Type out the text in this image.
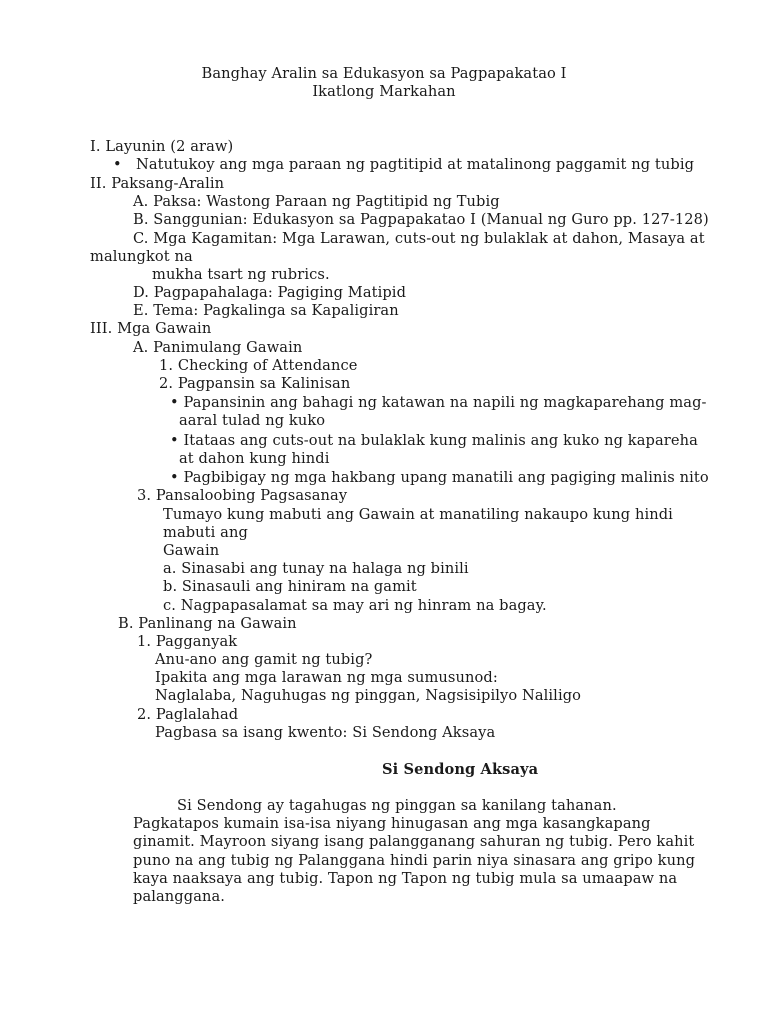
Banghay Aralin sa Edukasyon sa Pagpapakatao I
Ikatlong Markahan
I. Layunin (2 araw)
• Natutukoy ang mga paraan ng pagtitipid at matalinong paggamit ng tubig
II. Paksang-Aralin
A. Paksa: Wastong Paraan ng Pagtitipid ng Tubig
B. Sanggunian: Edukasyon sa Pagpapakatao I (Manual ng Guro pp. 127-128)
C. Mga Kagamitan: Mga Larawan, cuts-out ng bulaklak at dahon, Masaya at
malungkot na
mukha tsart ng rubrics.
D. Pagpapahalaga: Pagiging Matipid
E. Tema: Pagkalinga sa Kapaligiran
III. Mga Gawain
A. Panimulang Gawain
1. Checking of Attendance
2. Pagpansin sa Kalinisan
• Papansinin ang bahagi ng katawan na napili ng magkaparehang mag-
aaral tulad ng kuko
• Itataas ang cuts-out na bulaklak kung malinis ang kuko ng kapareha
at dahon kung hindi
• Pagbibigay ng mga hakbang upang manatili ang pagiging malinis nito
3. Pansaloobing Pagsasanay
Tumayo kung mabuti ang Gawain at manatiling nakaupo kung hindi
mabuti ang
Gawain
a. Sinasabi ang tunay na halaga ng binili
b. Sinasauli ang hiniram na gamit
c. Nagpapasalamat sa may ari ng hinram na bagay.
B. Panlinang na Gawain
1. Pagganyak
Anu-ano ang gamit ng tubig?
Ipakita ang mga larawan ng mga sumusunod:
Naglalaba, Naguhugas ng pinggan, Nagsisipilyo Naliligo
2. Paglalahad
Pagbasa sa isang kwento: Si Sendong Aksaya
Si Sendong Aksaya
Si Sendong ay tagahugas ng pinggan sa kanilang tahanan.
Pagkatapos kumain isa-isa niyang hinugasan ang mga kasangkapang
ginamit. Mayroon siyang isang palangganang sahuran ng tubig. Pero kahit
puno na ang tubig ng Palanggana hindi parin niya sinasara ang gripo kung
kaya naaksaya ang tubig. Tapon ng Tapon ng tubig mula sa umaapaw na
palanggana.
